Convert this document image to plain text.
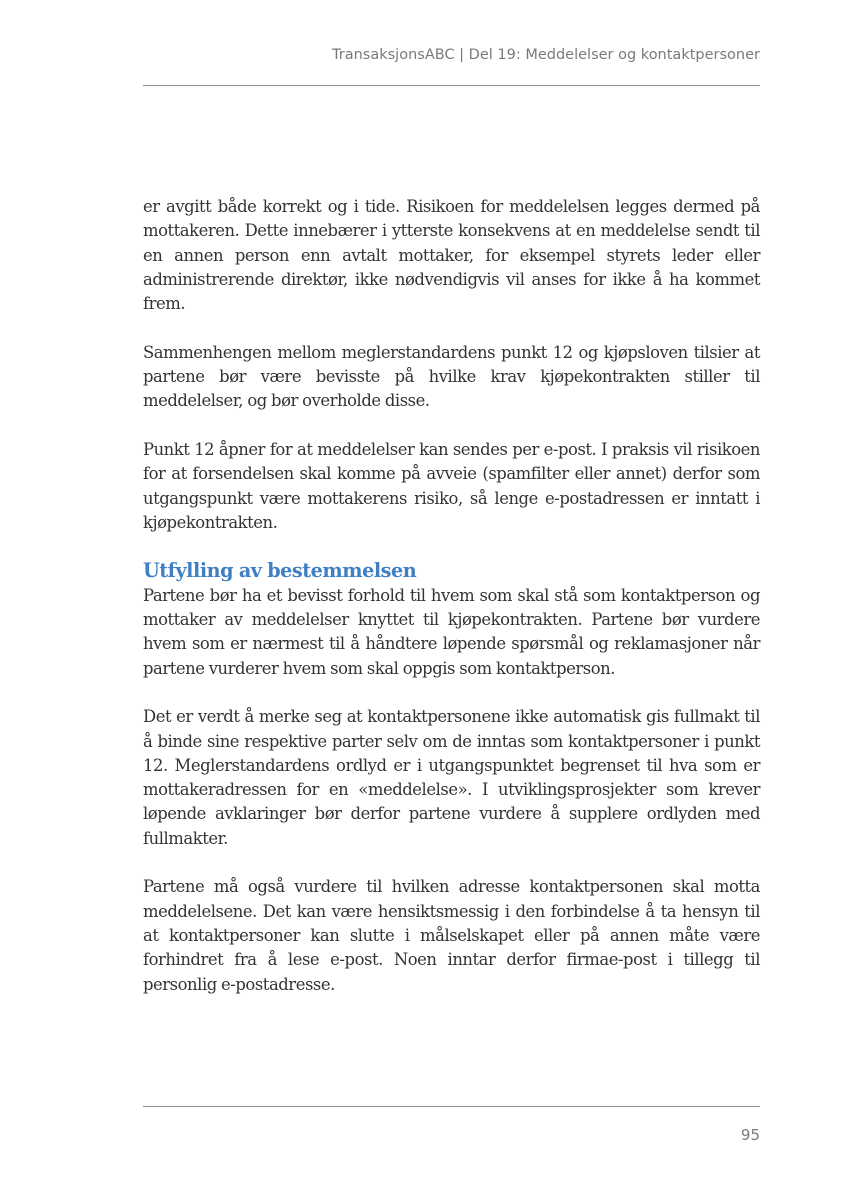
TransaksjonsABC | Del 19: Meddelelser og kontaktpersoner

er avgitt både korrekt og i tide. Risikoen for meddelelsen legges dermed på mottakeren. Dette innebærer i ytterste konsekvens at en meddelelse sendt til en annen person enn avtalt mottaker, for eksempel styrets leder eller administrerende direktør, ikke nødvendigvis vil anses for ikke å ha kommet frem.

Sammenhengen mellom meglerstandardens punkt 12 og kjøpsloven tilsier at partene bør være bevisste på hvilke krav kjøpekontrakten stiller til meddelelser, og bør overholde disse.

Punkt 12 åpner for at meddelelser kan sendes per e-post. I praksis vil risikoen for at forsendelsen skal komme på avveie (spamfilter eller annet) derfor som utgangspunkt være mottakerens risiko, så lenge e-postadressen er inntatt i kjøpekontrakten.

Utfylling av bestemmelsen

Partene bør ha et bevisst forhold til hvem som skal stå som kontaktperson og mottaker av meddelelser knyttet til kjøpekontrakten. Partene bør vurdere hvem som er nærmest til å håndtere løpende spørsmål og reklamasjoner når partene vurderer hvem som skal oppgis som kontaktperson.

Det er verdt å merke seg at kontaktpersonene ikke automatisk gis fullmakt til å binde sine respektive parter selv om de inntas som kontaktpersoner i punkt 12. Meglerstandardens ordlyd er i utgangspunktet begrenset til hva som er mottakeradressen for en «meddelelse». I utviklingsprosjekter som krever løpende avklaringer bør derfor partene vurdere å supplere ordlyden med fullmakter.

Partene må også vurdere til hvilken adresse kontaktpersonen skal motta meddelelsene. Det kan være hensiktsmessig i den forbindelse å ta hensyn til at kontaktpersoner kan slutte i målselskapet eller på annen måte være forhindret fra å lese e-post. Noen inntar derfor firmae-post i tillegg til personlig e-postadresse.

95
